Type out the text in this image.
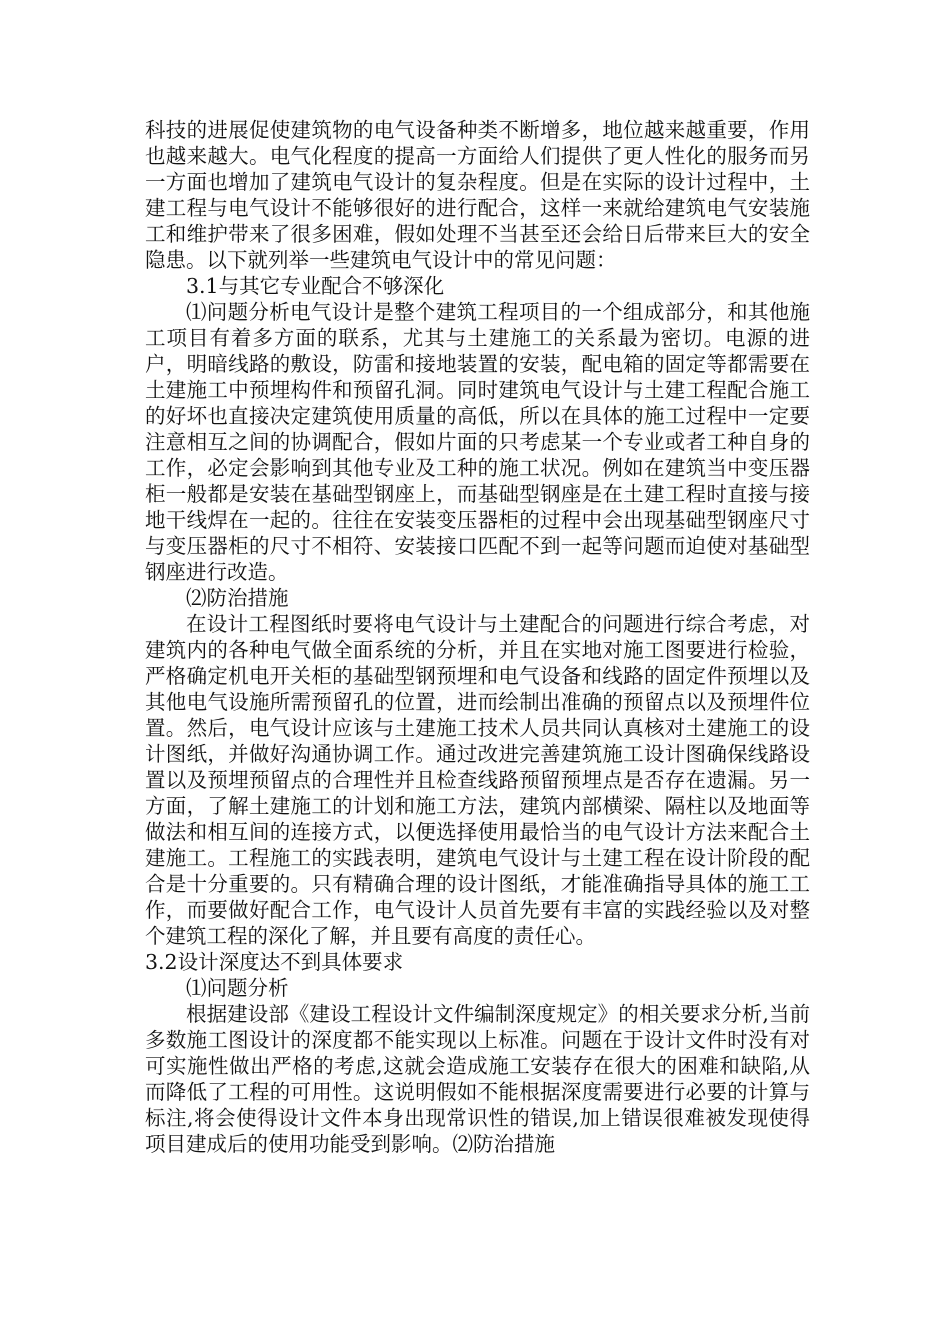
科技的进展促使建筑物的电气设备种类不断增多，地位越来越重要，作用也越来越大。电气化程度的提高一方面给人们提供了更人性化的服务而另一方面也增加了建筑电气设计的复杂程度。但是在实际的设计过程中，土建工程与电气设计不能够很好的进行配合，这样一来就给建筑电气安装施工和维护带来了很多困难，假如处理不当甚至还会给日后带来巨大的安全隐患。以下就列举一些建筑电气设计中的常见问题：

3.1与其它专业配合不够深化

⑴问题分析电气设计是整个建筑工程项目的一个组成部分，和其他施工项目有着多方面的联系，尤其与土建施工的关系最为密切。电源的进户，明暗线路的敷设，防雷和接地装置的安装，配电箱的固定等都需要在土建施工中预埋构件和预留孔洞。同时建筑电气设计与土建工程配合施工的好坏也直接决定建筑使用质量的高低，所以在具体的施工过程中一定要注意相互之间的协调配合，假如片面的只考虑某一个专业或者工种自身的工作，必定会影响到其他专业及工种的施工状况。例如在建筑当中变压器柜一般都是安装在基础型钢座上，而基础型钢座是在土建工程时直接与接地干线焊在一起的。往往在安装变压器柜的过程中会出现基础型钢座尺寸与变压器柜的尺寸不相符、安装接口匹配不到一起等问题而迫使对基础型钢座进行改造。

⑵防治措施

在设计工程图纸时要将电气设计与土建配合的问题进行综合考虑，对建筑内的各种电气做全面系统的分析，并且在实地对施工图要进行检验，严格确定机电开关柜的基础型钢预埋和电气设备和线路的固定件预埋以及其他电气设施所需预留孔的位置，进而绘制出准确的预留点以及预埋件位置。然后，电气设计应该与土建施工技术人员共同认真核对土建施工的设计图纸，并做好沟通协调工作。通过改进完善建筑施工设计图确保线路设置以及预埋预留点的合理性并且检查线路预留预埋点是否存在遗漏。另一方面，了解土建施工的计划和施工方法，建筑内部横梁、隔柱以及地面等做法和相互间的连接方式，以便选择使用最恰当的电气设计方法来配合土建施工。工程施工的实践表明，建筑电气设计与土建工程在设计阶段的配合是十分重要的。只有精确合理的设计图纸，才能准确指导具体的施工工作，而要做好配合工作，电气设计人员首先要有丰富的实践经验以及对整个建筑工程的深化了解，并且要有高度的责任心。

3.2设计深度达不到具体要求

⑴问题分析

根据建设部《建设工程设计文件编制深度规定》的相关要求分析,当前多数施工图设计的深度都不能实现以上标准。问题在于设计文件时没有对可实施性做出严格的考虑,这就会造成施工安装存在很大的困难和缺陷,从而降低了工程的可用性。这说明假如不能根据深度需要进行必要的计算与标注,将会使得设计文件本身出现常识性的错误,加上错误很难被发现使得项目建成后的使用功能受到影响。⑵防治措施
